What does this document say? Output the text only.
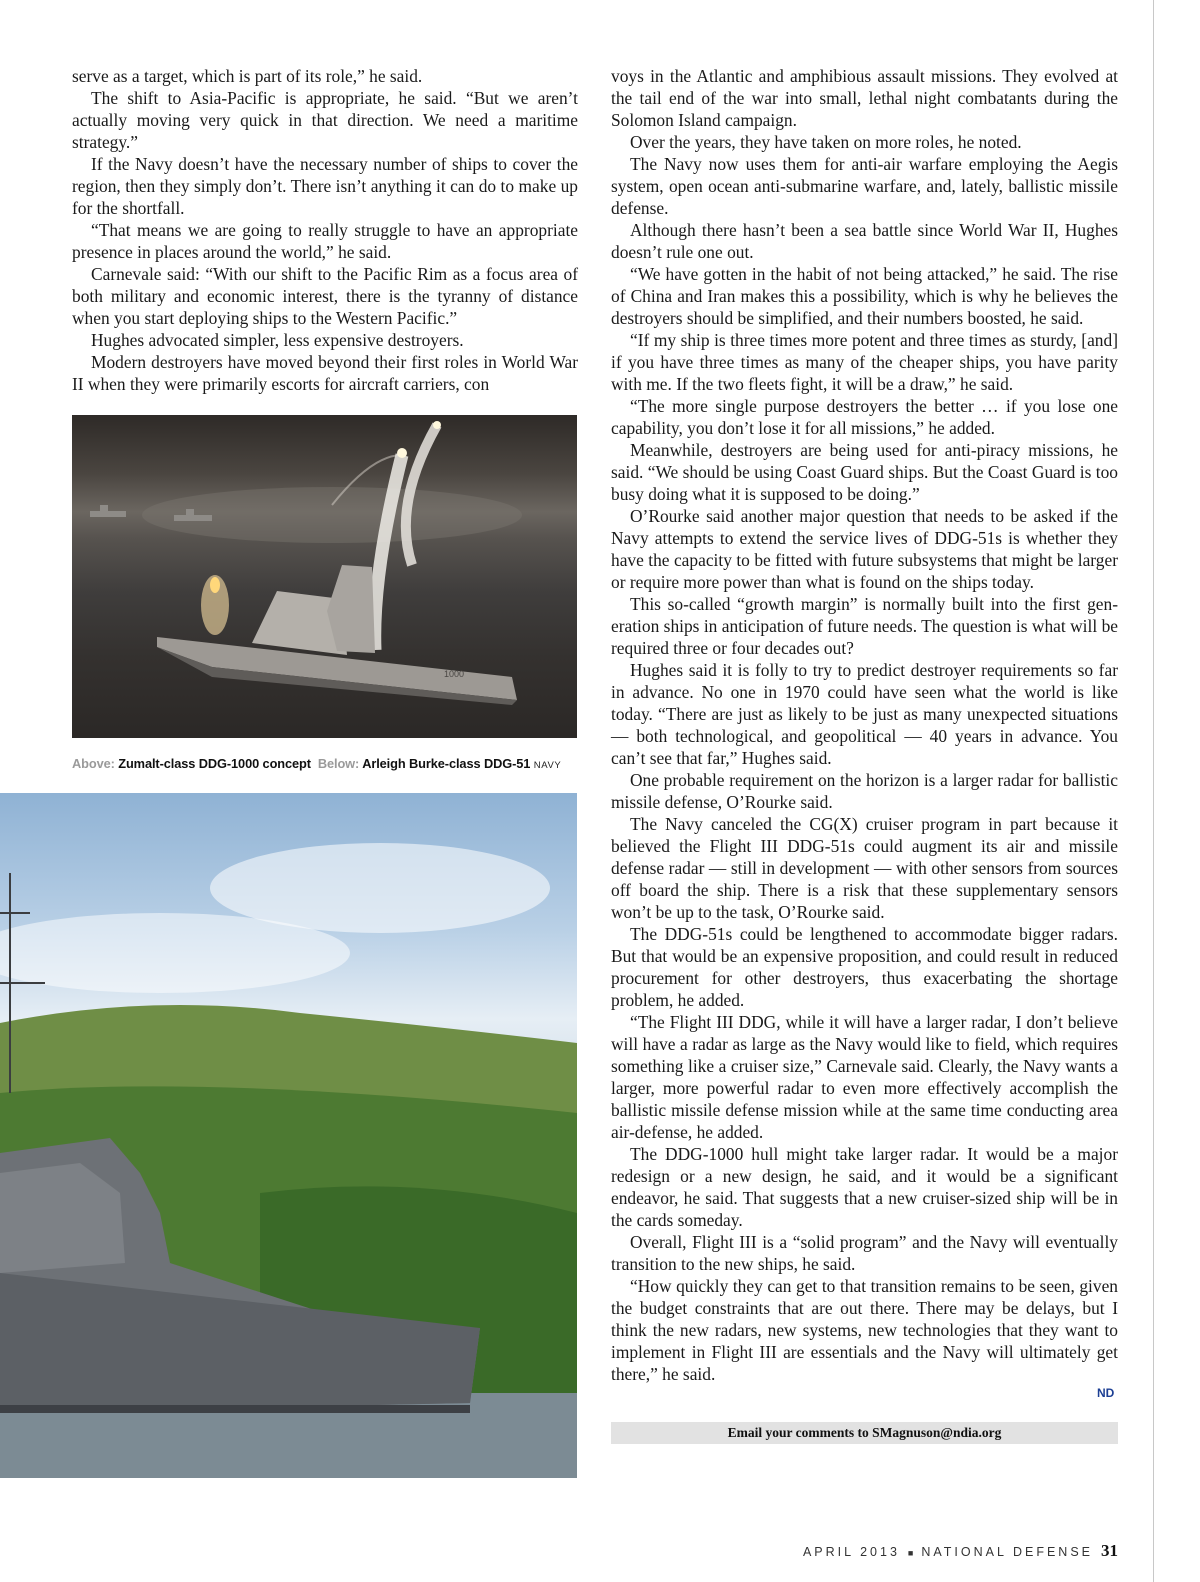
serve as a target, which is part of its role,” he said.

The shift to Asia-Pacific is appropriate, he said. “But we aren’t actually moving very quick in that direction. We need a maritime strategy.”

If the Navy doesn’t have the necessary number of ships to cover the region, then they simply don’t. There isn’t anything it can do to make up for the shortfall.

“That means we are going to really struggle to have an appropriate presence in places around the world,” he said.

Carnevale said: “With our shift to the Pacific Rim as a focus area of both military and economic interest, there is the tyranny of distance when you start deploying ships to the Western Pacific.”

Hughes advocated simpler, less expensive destroyers.

Modern destroyers have moved beyond their first roles in World War II when they were primarily escorts for aircraft carriers, con

1000
Above: Zumalt-class DDG-1000 concept Below: Arleigh Burke-class DDG-51 NAVY

voys in the Atlantic and amphibious assault missions. They evolved at the tail end of the war into small, lethal night combatants during the Solomon Island campaign.

Over the years, they have taken on more roles, he noted.

The Navy now uses them for anti-air warfare employing the Aegis system, open ocean anti-submarine warfare, and, lately, ballistic missile defense.

Although there hasn’t been a sea battle since World War II, Hughes doesn’t rule one out.

“We have gotten in the habit of not being attacked,” he said. The rise of China and Iran makes this a possibility, which is why he believes the destroyers should be simplified, and their numbers boosted, he said.

“If my ship is three times more potent and three times as sturdy, [and] if you have three times as many of the cheaper ships, you have parity with me. If the two fleets fight, it will be a draw,” he said.

“The more single purpose destroyers the better … if you lose one capability, you don’t lose it for all missions,” he added.

Meanwhile, destroyers are being used for anti-piracy missions, he said. “We should be using Coast Guard ships. But the Coast Guard is too busy doing what it is supposed to be doing.”

O’Rourke said another major question that needs to be asked if the Navy attempts to extend the service lives of DDG-51s is whether they have the capacity to be fitted with future subsystems that might be larger or require more power than what is found on the ships today.

This so-called “growth margin” is normally built into the first generation ships in anticipation of future needs. The question is what will be required three or four decades out?

Hughes said it is folly to try to predict destroyer requirements so far in advance. No one in 1970 could have seen what the world is like today. “There are just as likely to be just as many unexpected situations — both technological, and geopolitical — 40 years in advance. You can’t see that far,” Hughes said.

One probable requirement on the horizon is a larger radar for ballistic missile defense, O’Rourke said.

The Navy canceled the CG(X) cruiser program in part because it believed the Flight III DDG-51s could augment its air and missile defense radar — still in development — with other sensors from sources off board the ship. There is a risk that these supplementary sensors won’t be up to the task, O’Rourke said.

The DDG-51s could be lengthened to accommodate bigger radars. But that would be an expensive proposition, and could result in reduced procurement for other destroyers, thus exacerbating the shortage problem, he added.

“The Flight III DDG, while it will have a larger radar, I don’t believe will have a radar as large as the Navy would like to field, which requires something like a cruiser size,” Carnevale said. Clearly, the Navy wants a larger, more powerful radar to even more effectively accomplish the ballistic missile defense mission while at the same time conducting area air-defense, he added.

The DDG-1000 hull might take larger radar. It would be a major redesign or a new design, he said, and it would be a significant endeavor, he said. That suggests that a new cruiser-sized ship will be in the cards someday.

Overall, Flight III is a “solid program” and the Navy will eventually transition to the new ships, he said.

“How quickly they can get to that transition remains to be seen, given the budget constraints that are out there. There may be delays, but I think the new radars, new systems, new technologies that they want to implement in Flight III are essentials and the Navy will ultimately get there,” he said.

ND
Email your comments to SMagnuson@ndia.org
APRIL 2013 ■ NATIONAL DEFENSE 31
